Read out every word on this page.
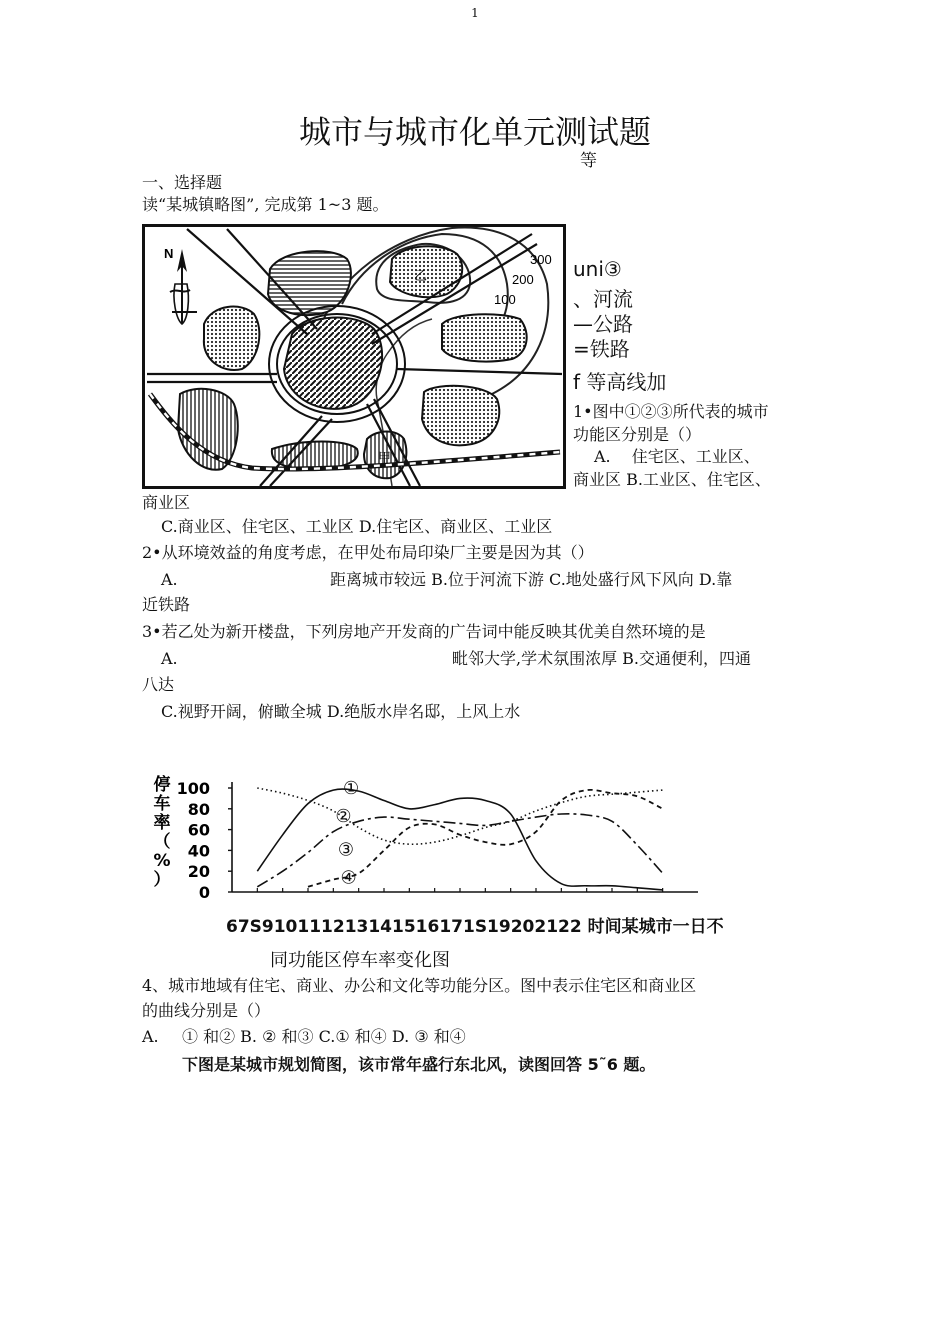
1
城市与城市化单元测试题
等
一、选择题
读“某城镇略图”, 完成第 1~3 题。
300
200
100
乙
甲
N
uni③
、河流
—公路
=铁路
f 等高线加
1•图中①②③所代表的城市
功能区分别是（）
A.　 住宅区、工业区、
商业区 B.工业区、住宅区、
商业区
C.商业区、住宅区、工业区 D.住宅区、商业区、工业区
2•从环境效益的角度考虑，在甲处布局印染厂主要是因为其（）
A.	距离城市较远 B.位于河流下游 C.地处盛行风下风向 D.靠
近铁路
3•若乙处为新开楼盘，下列房地产开发商的广告词中能反映其优美自然环境的是
A.	毗邻大学,学术氛围浓厚 B.交通便利，四通
八达
C.视野开阔，俯瞰全城 D.绝版水岸名邸，上风上水
停
车
率
（
%
）
100
80
60
40
20
0
①
②
③
④
67S910111213141516171S19202122 时间某城市一日不
同功能区停车率变化图
4、城市地域有住宅、商业、办公和文化等功能分区。图中表示住宅区和商业区
的曲线分别是（）
A. ① 和② B. ② 和③ C.① 和④ D. ③ 和④
下图是某城市规划简图，该市常年盛行东北风，读图回答 5˜6 题。
